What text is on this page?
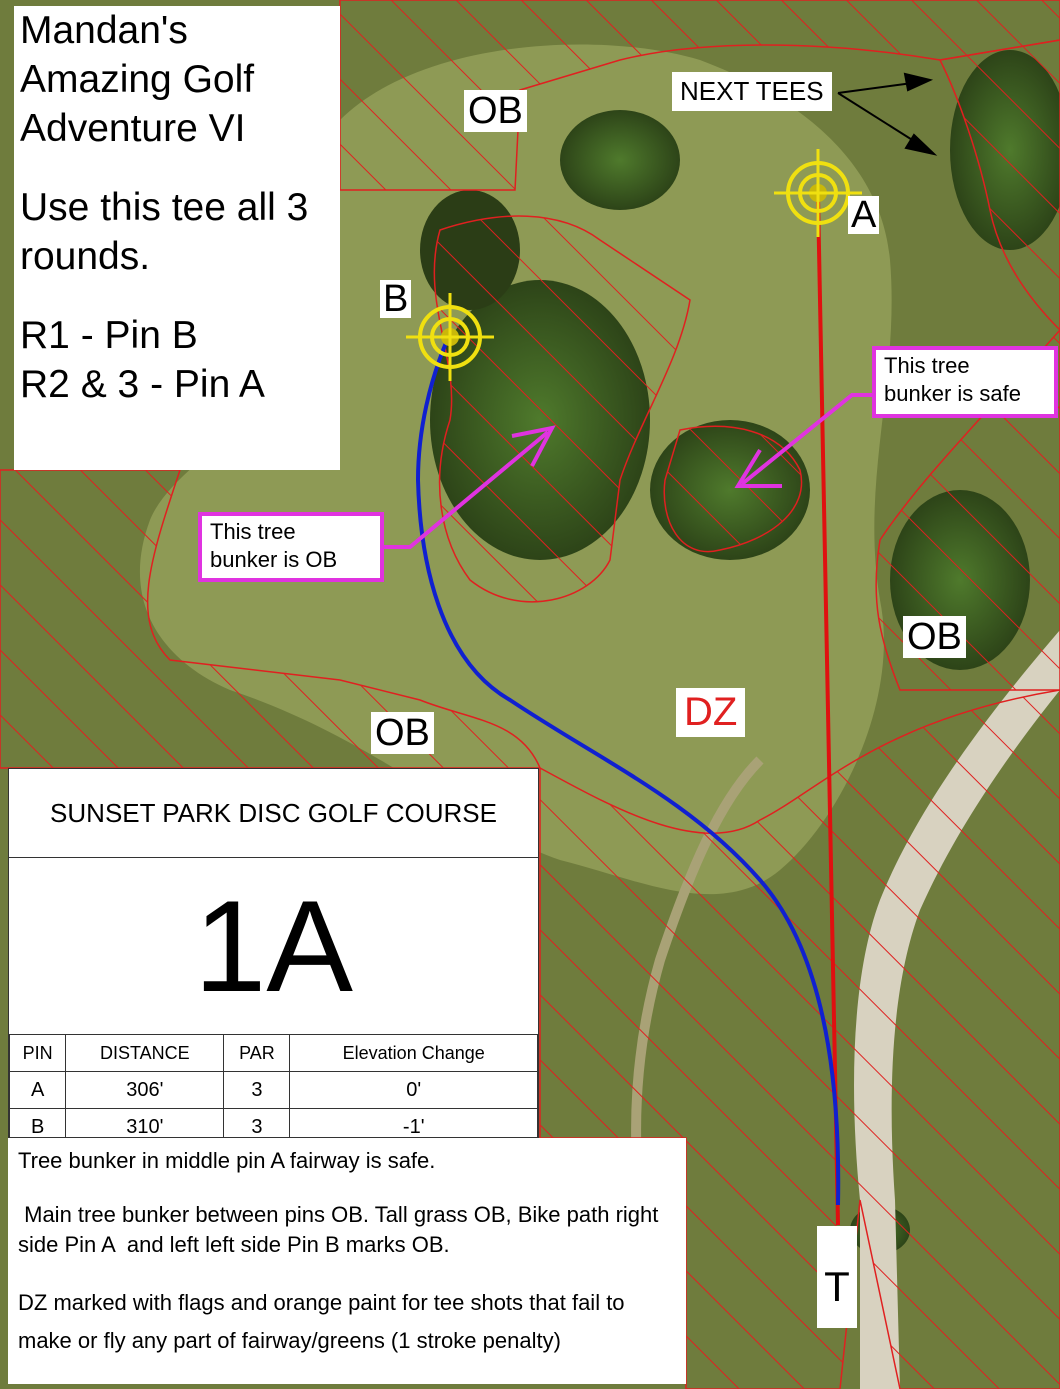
Mandan's
Amazing Golf
Adventure VI
Use this tee all 3
rounds.
R1 - Pin B
R2 & 3 - Pin A
OB
OB
OB
A
B
NEXT TEES
This tree
bunker is OB
This tree
bunker is safe
DZ
T
SUNSET PARK DISC GOLF COURSE
1A
PIN	DISTANCE	PAR	Elevation Change
A	306'	3	0'
B	310'	3	-1'

Tree bunker in middle pin A fairway is safe.

Main tree bunker between pins OB. Tall grass OB, Bike path right side Pin A  and left left side Pin B marks OB.

DZ marked with flags and orange paint for tee shots that fail to make or fly any part of fairway/greens (1 stroke penalty)
